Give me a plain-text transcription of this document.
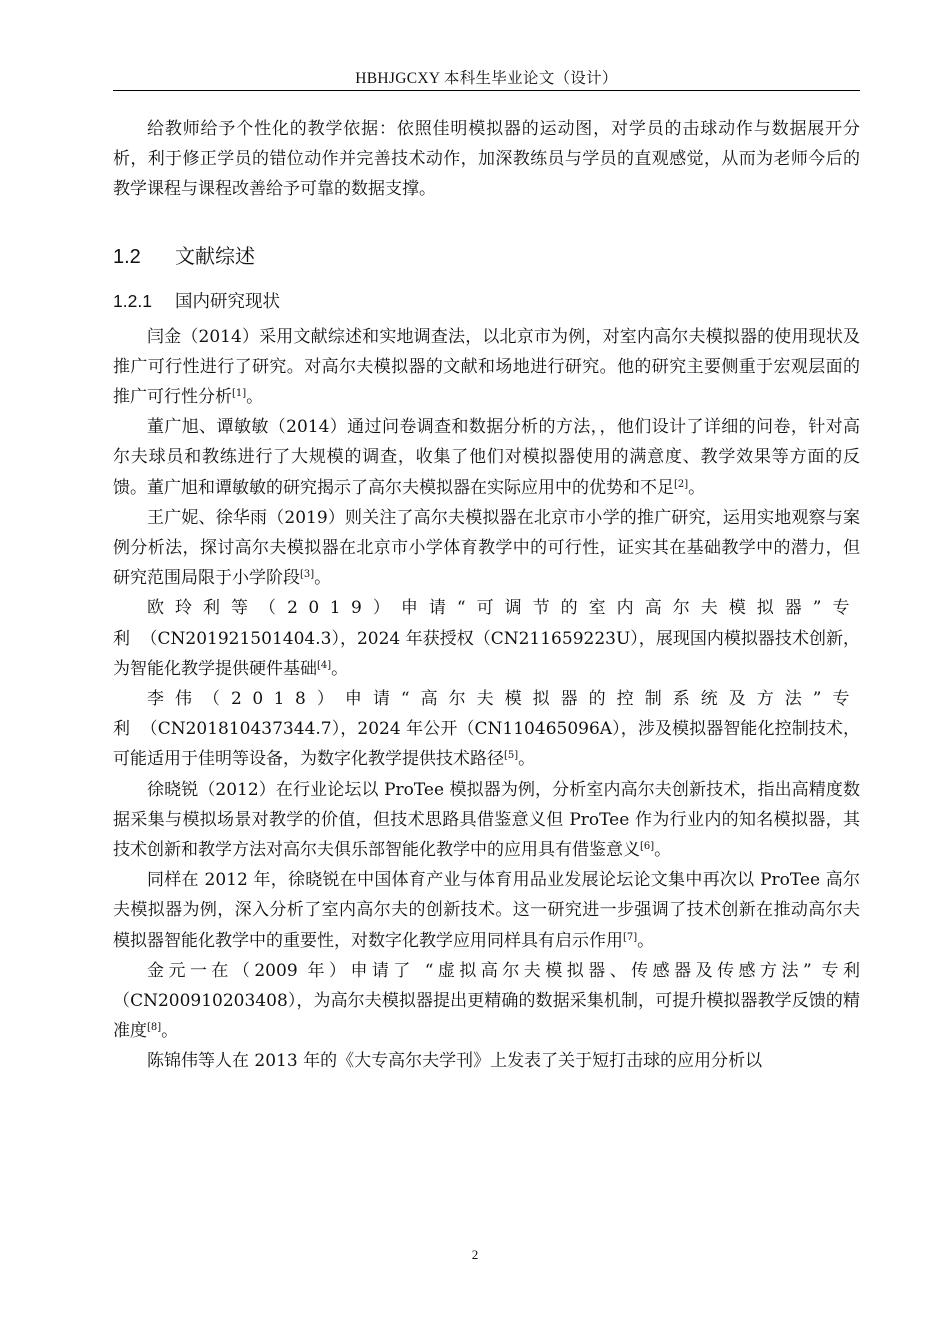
HBHJGCXY 本科生毕业论文（设计）

给教师给予个性化的教学依据：依照佳明模拟器的运动图，对学员的击球动作与数据展开分析，利于修正学员的错位动作并完善技术动作，加深教练员与学员的直观感觉，从而为老师今后的教学课程与课程改善给予可靠的数据支撑。

1.2 文献综述
1.2.1 国内研究现状

闫金（2014）采用文献综述和实地调查法，以北京市为例，对室内高尔夫模拟器的使用现状及推广可行性进行了研究。对高尔夫模拟器的文献和场地进行研究。他的研究主要侧重于宏观层面的推广可行性分析[1]。

董广旭、谭敏敏（2014）通过问卷调查和数据分析的方法，，他们设计了详细的问卷，针对高尔夫球员和教练进行了大规模的调查，收集了他们对模拟器使用的满意度、教学效果等方面的反馈。董广旭和谭敏敏的研究揭示了高尔夫模拟器在实际应用中的优势和不足[2]。

王广妮、徐华雨（2019）则关注了高尔夫模拟器在北京市小学的推广研究，运用实地观察与案例分析法，探讨高尔夫模拟器在北京市小学体育教学中的可行性，证实其在基础教学中的潜力，但研究范围局限于小学阶段[3]。

欧玲利等（2019）申请“可调节的室内高尔夫模拟器”专利（CN201921501404.3），2024 年获授权（CN211659223U），展现国内模拟器技术创新，为智能化教学提供硬件基础[4]。

李伟（2018）申请“高尔夫模拟器的控制系统及方法”专利（CN201810437344.7），2024 年公开（CN110465096A），涉及模拟器智能化控制技术，可能适用于佳明等设备，为数字化教学提供技术路径[5]。

徐晓锐（2012）在行业论坛以 ProTee 模拟器为例，分析室内高尔夫创新技术，指出高精度数据采集与模拟场景对教学的价值，但技术思路具借鉴意义但 ProTee 作为行业内的知名模拟器，其技术创新和教学方法对高尔夫俱乐部智能化教学中的应用具有借鉴意义[6]。

同样在 2012 年，徐晓锐在中国体育产业与体育用品业发展论坛论文集中再次以 ProTee 高尔夫模拟器为例，深入分析了室内高尔夫的创新技术。这一研究进一步强调了技术创新在推动高尔夫模拟器智能化教学中的重要性，对数字化教学应用同样具有启示作用[7]。

金元一在（2009 年）申请了 “虚拟高尔夫模拟器、传感器及传感方法” 专利（CN200910203408），为高尔夫模拟器提出更精确的数据采集机制，可提升模拟器教学反馈的精准度[8]。

陈锦伟等人在 2013 年的《大专高尔夫学刊》上发表了关于短打击球的应用分析以

2
